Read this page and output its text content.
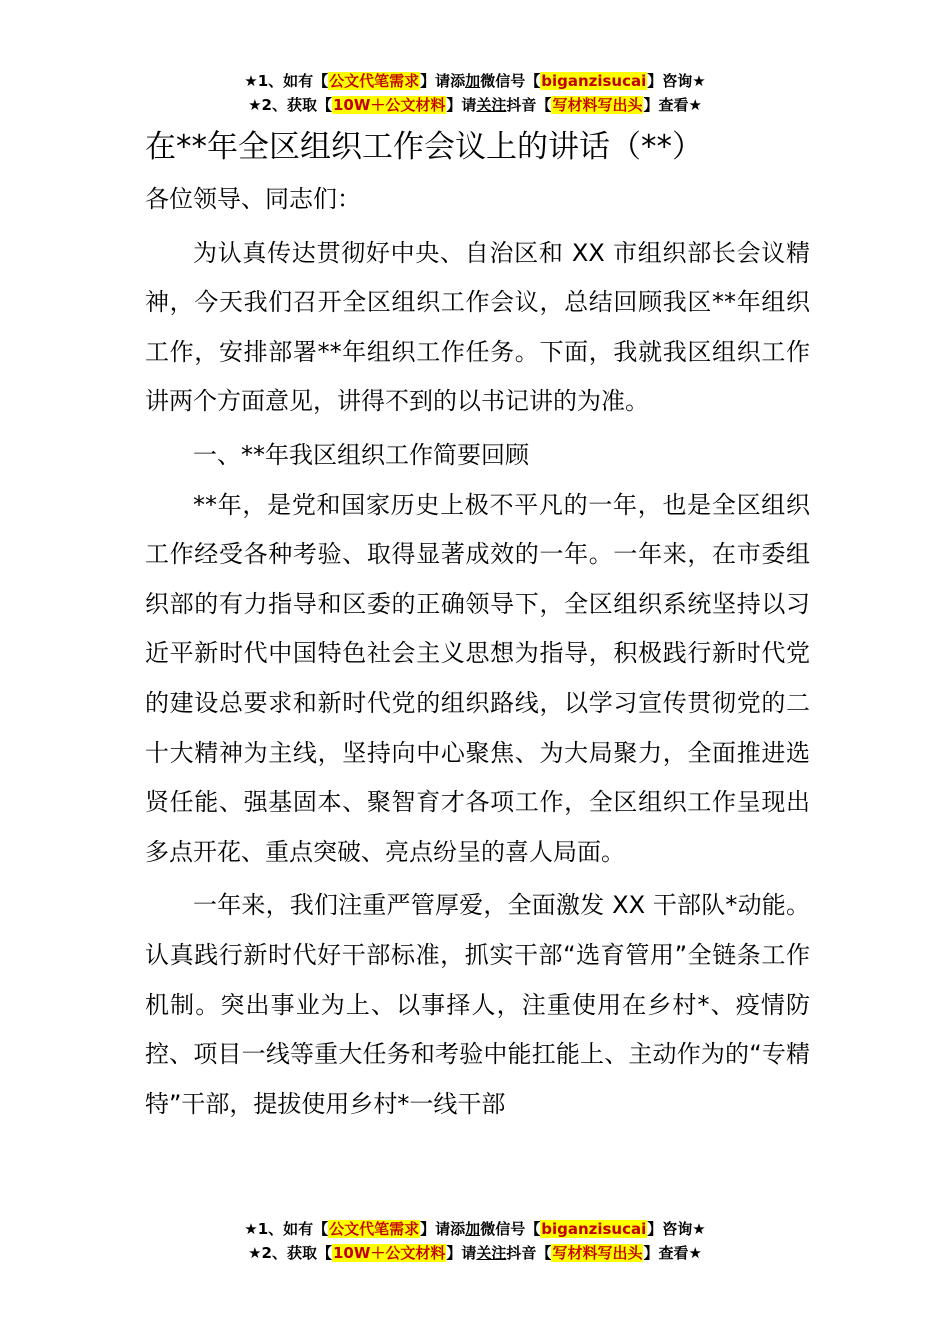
★1、如有【公文代笔需求】请添加微信号【biganzisucai】咨询★
★2、获取【10W＋公文材料】请关注抖音【写材料写出头】查看★
在**年全区组织工作会议上的讲话（**）

各位领导、同志们：

为认真传达贯彻好中央、自治区和 XX 市组织部长会议精神，今天我们召开全区组织工作会议，总结回顾我区**年组织工作，安排部署**年组织工作任务。下面，我就我区组织工作讲两个方面意见，讲得不到的以书记讲的为准。

一、**年我区组织工作简要回顾

**年，是党和国家历史上极不平凡的一年，也是全区组织工作经受各种考验、取得显著成效的一年。一年来，在市委组织部的有力指导和区委的正确领导下，全区组织系统坚持以习近平新时代中国特色社会主义思想为指导，积极践行新时代党的建设总要求和新时代党的组织路线，以学习宣传贯彻党的二十大精神为主线，坚持向中心聚焦、为大局聚力，全面推进选贤任能、强基固本、聚智育才各项工作，全区组织工作呈现出多点开花、重点突破、亮点纷呈的喜人局面。

一年来，我们注重严管厚爱，全面激发 XX 干部队*动能。认真践行新时代好干部标准，抓实干部“选育管用”全链条工作机制。突出事业为上、以事择人，注重使用在乡村*、疫情防控、项目一线等重大任务和考验中能扛能上、主动作为的“专精特”干部，提拔使用乡村*一线干部

★1、如有【公文代笔需求】请添加微信号【biganzisucai】咨询★
★2、获取【10W＋公文材料】请关注抖音【写材料写出头】查看★
